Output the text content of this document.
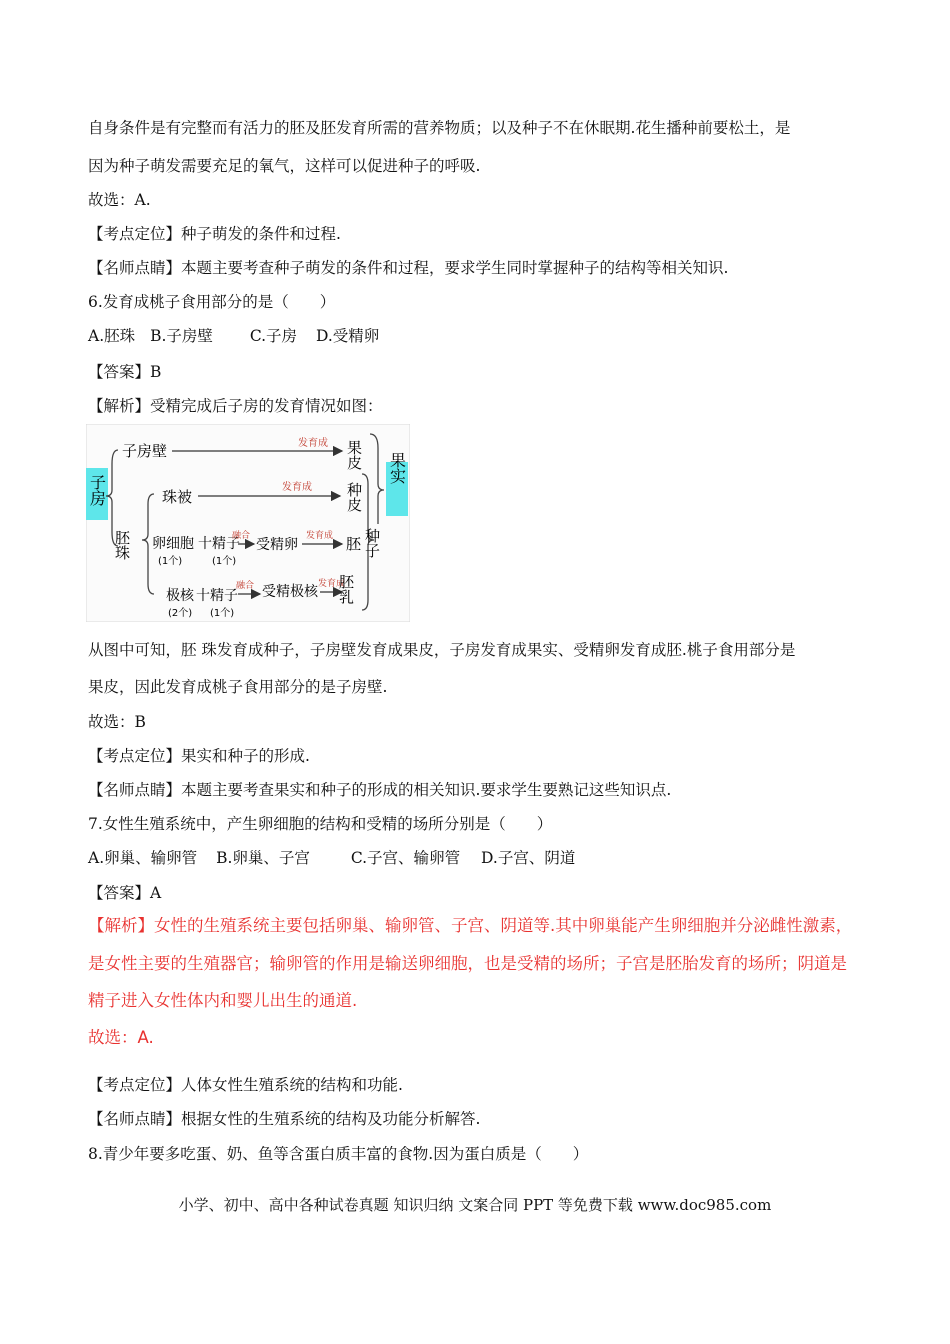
自身条件是有完整而有活力的胚及胚发育所需的营养物质；以及种子不在休眠期.花生播种前要松土，是
因为种子萌发需要充足的氧气，这样可以促进种子的呼吸.
故选：A.
【考点定位】种子萌发的条件和过程.
【名师点睛】本题主要考查种子萌发的条件和过程，要求学生同时掌握种子的结构等相关知识.
6.发育成桃子食用部分的是（　　）
A.胚珠 B.子房壁 C.子房 D.受精卵
【答案】B
【解析】受精完成后子房的发育情况如图：
子房
子房壁	发育成 果皮
胚珠
珠被
发育成 种皮
卵细胞
(1个)
十 精子
(1个)
融合
受精卵
发育成 胚
极核
(2个)
十 精子
(1个)
融合 受精极核 发育成
胚乳
种子
果实
从图中可知，胚 珠发育成种子，子房壁发育成果皮，子房发育成果实、受精卵发育成胚.桃子食用部分是
果皮，因此发育成桃子食用部分的是子房壁.
故选：B
【考点定位】果实和种子的形成.
【名师点睛】本题主要考查果实和种子的形成的相关知识.要求学生要熟记这些知识点.
7.女性生殖系统中，产生卵细胞的结构和受精的场所分别是（　　）
A.卵巢、输卵管 B.卵巢、子宫	C.子宫、输卵管 D.子宫、阴道
【答案】A
【解析】女性的生殖系统主要包括卵巢、输卵管、子宫、阴道等.其中卵巢能产生卵细胞并分泌雌性激素，
是女性主要的生殖器官；输卵管的作用是输送卵细胞，也是受精的场所；子宫是胚胎发育的场所；阴道是
精子进入女性体内和婴儿出生的通道.
故选：A.
【考点定位】人体女性生殖系统的结构和功能.
【名师点睛】根据女性的生殖系统的结构及功能分析解答.
8.青少年要多吃蛋、奶、鱼等含蛋白质丰富的食物.因为蛋白质是（　　）
小学、初中、高中各种试卷真题 知识归纳 文案合同 PPT 等免费下载 www.doc985.com
